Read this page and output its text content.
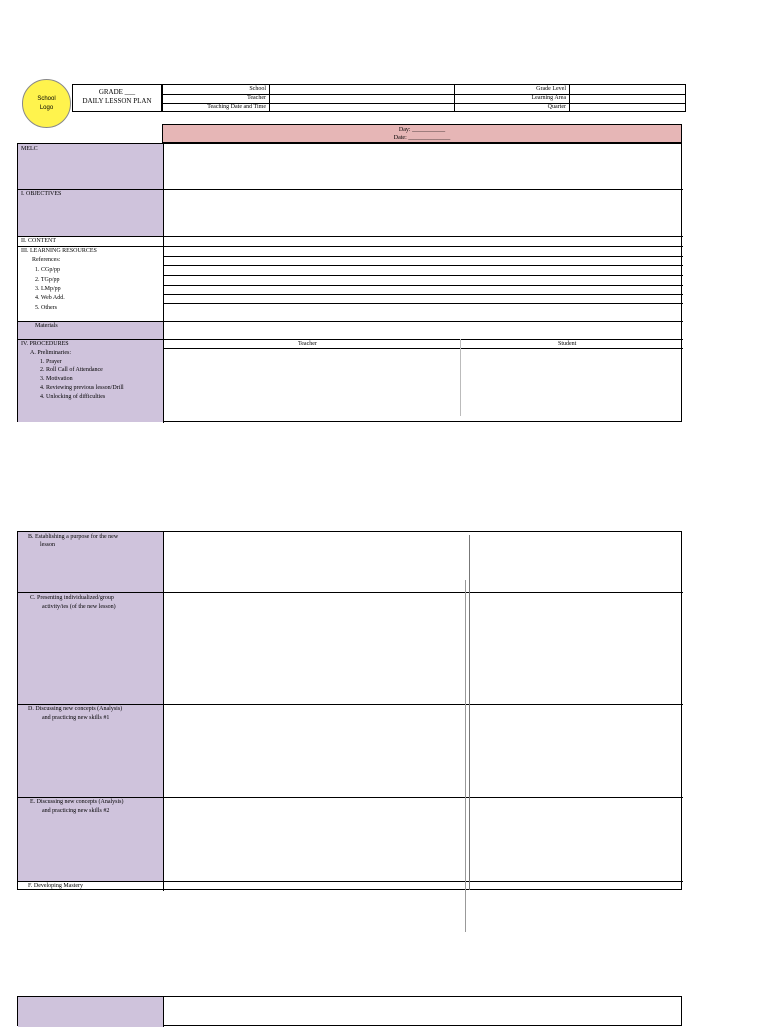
School
Logo
GRADE ___
DAILY LESSON PLAN
School	Grade Level
Teacher	Learning Area
Teaching Date and Time	Quarter
Day: ___________
Date: ______________
MELC
I. OBJECTIVES
II. CONTENT
III. LEARNING RESOURCES
References:
1. CGp/pp
2. TGp/pp
3. LMp/pp
4. Web Add.
5. Others
Materials
IV. PROCEDURES	Teacher	Student
A. Preliminaries:
1. Prayer
2. Roll Call of Attendance
3. Motivation
4. Reviewing previous lesson/Drill
4. Unlocking of difficulties
B. Establishing a purpose for the new
lesson
C. Presenting individualized/group
activity/ies (of the new lesson)
D. Discussing new concepts (Analysis)
and practicing new skills #1
E. Discussing new concepts (Analysis)
and practicing new skills #2
F. Developing Mastery
